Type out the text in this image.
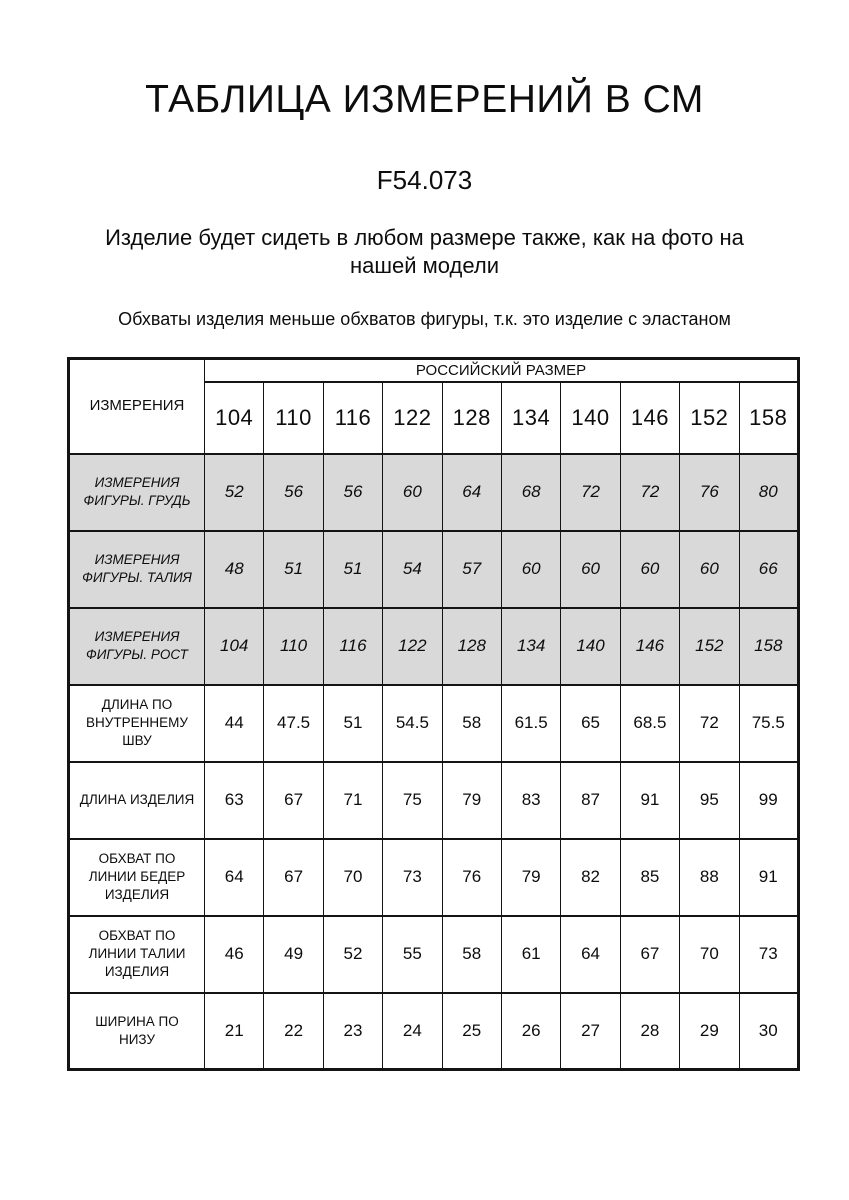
ТАБЛИЦА ИЗМЕРЕНИЙ В СМ
F54.073
Изделие будет сидеть в любом размере также, как на фото на нашей модели
Обхваты изделия меньше обхватов фигуры, т.к. это изделие с эластаном
ИЗМЕРЕНИЯ	РОССИЙСКИЙ РАЗМЕР									
	104	110	116	122	128	134	140	146	152	158
ИЗМЕРЕНИЯ ФИГУРЫ. ГРУДЬ	52	56	56	60	64	68	72	72	76	80
ИЗМЕРЕНИЯ ФИГУРЫ. ТАЛИЯ	48	51	51	54	57	60	60	60	60	66
ИЗМЕРЕНИЯ ФИГУРЫ. РОСТ	104	110	116	122	128	134	140	146	152	158
ДЛИНА ПО ВНУТРЕННЕМУ ШВУ	44	47.5	51	54.5	58	61.5	65	68.5	72	75.5
ДЛИНА ИЗДЕЛИЯ	63	67	71	75	79	83	87	91	95	99
ОБХВАТ ПО ЛИНИИ БЕДЕР ИЗДЕЛИЯ	64	67	70	73	76	79	82	85	88	91
ОБХВАТ ПО ЛИНИИ ТАЛИИ ИЗДЕЛИЯ	46	49	52	55	58	61	64	67	70	73
ШИРИНА ПО НИЗУ	21	22	23	24	25	26	27	28	29	30
